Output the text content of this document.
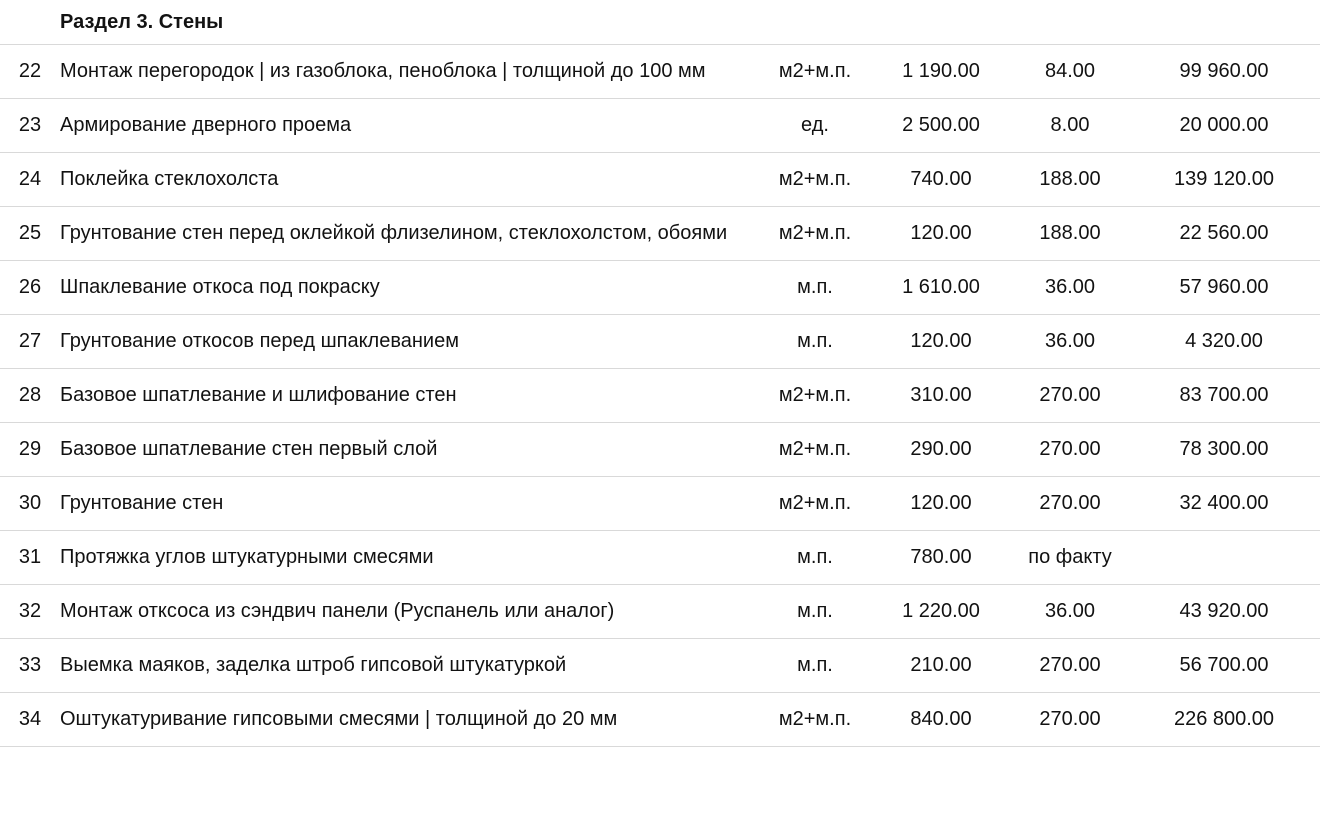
	Раздел 3. Стены				
22	Монтаж перегородок | из газоблока, пеноблока | толщиной до 100 мм	м2+м.п.	1 190.00	84.00	99 960.00
23	Армирование дверного проема	ед.	2 500.00	8.00	20 000.00
24	Поклейка стеклохолста	м2+м.п.	740.00	188.00	139 120.00
25	Грунтование стен перед оклейкой флизелином, стеклохолстом, обоями	м2+м.п.	120.00	188.00	22 560.00
26	Шпаклевание откоса под покраску	м.п.	1 610.00	36.00	57 960.00
27	Грунтование откосов перед шпаклеванием	м.п.	120.00	36.00	4 320.00
28	Базовое шпатлевание и шлифование стен	м2+м.п.	310.00	270.00	83 700.00
29	Базовое шпатлевание стен первый слой	м2+м.п.	290.00	270.00	78 300.00
30	Грунтование стен	м2+м.п.	120.00	270.00	32 400.00
31	Протяжка углов штукатурными смесями	м.п.	780.00	по факту	
32	Монтаж отксоса из сэндвич панели (Руспанель или аналог)	м.п.	1 220.00	36.00	43 920.00
33	Выемка маяков, заделка штроб гипсовой штукатуркой	м.п.	210.00	270.00	56 700.00
34	Оштукатуривание гипсовыми смесями | толщиной до 20 мм	м2+м.п.	840.00	270.00	226 800.00
